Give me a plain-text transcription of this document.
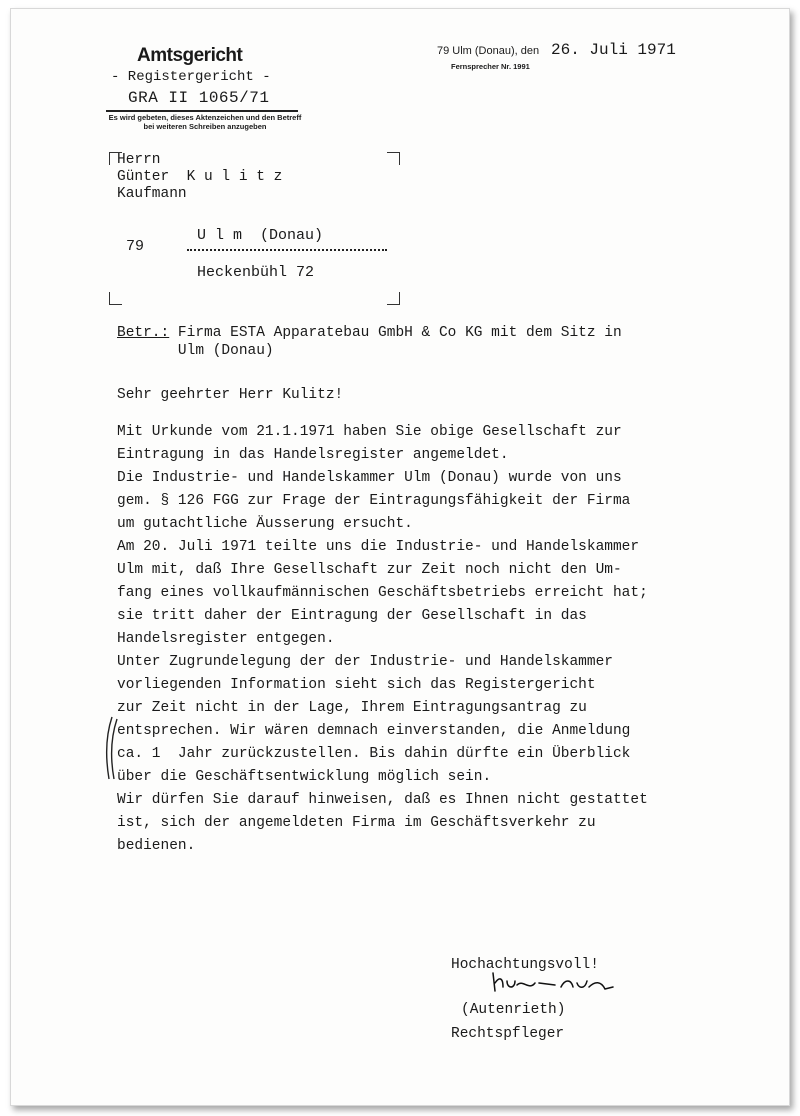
Amtsgericht
- Registergericht -
GRA II 1065/71
Es wird gebeten, dieses Aktenzeichen und den Betreff bei weiteren Schreiben anzugeben
79 Ulm (Donau), den 26. Juli 1971
Fernsprecher Nr. 1991
Herrn
Günter  K u l i t z
Kaufmann
79
U l m  (Donau)
Heckenbühl 72
Betr.: Firma ESTA Apparatebau GmbH & Co KG mit dem Sitz in
Ulm (Donau)
Sehr geehrter Herr Kulitz!
Mit Urkunde vom 21.1.1971 haben Sie obige Gesellschaft zur
Eintragung in das Handelsregister angemeldet.
Die Industrie- und Handelskammer Ulm (Donau) wurde von uns
gem. § 126 FGG zur Frage der Eintragungsfähigkeit der Firma
um gutachtliche Äusserung ersucht.
Am 20. Juli 1971 teilte uns die Industrie- und Handelskammer
Ulm mit, daß Ihre Gesellschaft zur Zeit noch nicht den Um-
fang eines vollkaufmännischen Geschäftsbetriebs erreicht hat;
sie tritt daher der Eintragung der Gesellschaft in das
Handelsregister entgegen.
Unter Zugrundelegung der der Industrie- und Handelskammer
vorliegenden Information sieht sich das Registergericht
zur Zeit nicht in der Lage, Ihrem Eintragungsantrag zu
entsprechen. Wir wären demnach einverstanden, die Anmeldung
ca. 1  Jahr zurückzustellen. Bis dahin dürfte ein Überblick
über die Geschäftsentwicklung möglich sein.
Wir dürfen Sie darauf hinweisen, daß es Ihnen nicht gestattet
ist, sich der angemeldeten Firma im Geschäftsverkehr zu
bedienen.
Hochachtungsvoll!
(Autenrieth)
Rechtspfleger
